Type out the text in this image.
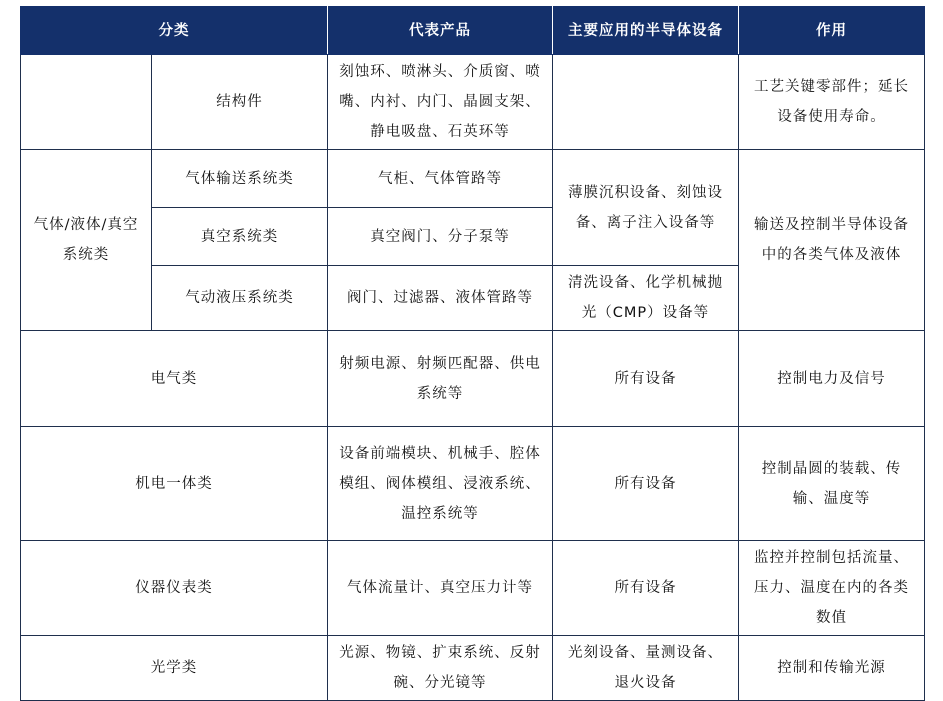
分类		代表产品	主要应用的半导体设备	作用
	结构件	刻蚀环、喷淋头、介质窗、喷嘴、内衬、内门、晶圆支架、静电吸盘、石英环等		工艺关键零部件；延长设备使用寿命。
气体/液体/真空系统类	气体输送系统类	气柜、气体管路等	薄膜沉积设备、刻蚀设备、离子注入设备等	输送及控制半导体设备中的各类气体及液体
	真空系统类	真空阀门、分子泵等		
	气动液压系统类	阀门、过滤器、液体管路等	清洗设备、化学机械抛光（CMP）设备等	
电气类		射频电源、射频匹配器、供电系统等	所有设备	控制电力及信号
机电一体类		设备前端模块、机械手、腔体模组、阀体模组、浸液系统、温控系统等	所有设备	控制晶圆的装载、传输、温度等
仪器仪表类		气体流量计、真空压力计等	所有设备	监控并控制包括流量、压力、温度在内的各类数值
光学类		光源、物镜、扩束系统、反射碗、分光镜等	光刻设备、量测设备、退火设备	控制和传输光源
